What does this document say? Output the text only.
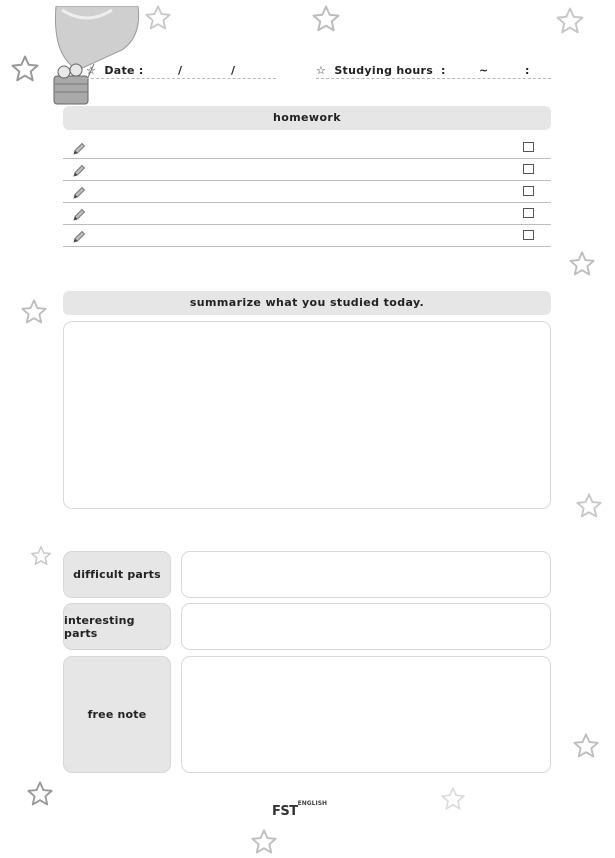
☆ Date :	/	/	☆ Studying hours :	~	:
homework
summarize what you studied today.
difficult parts
interesting parts
free note
$FST^{ENGLISH}$
